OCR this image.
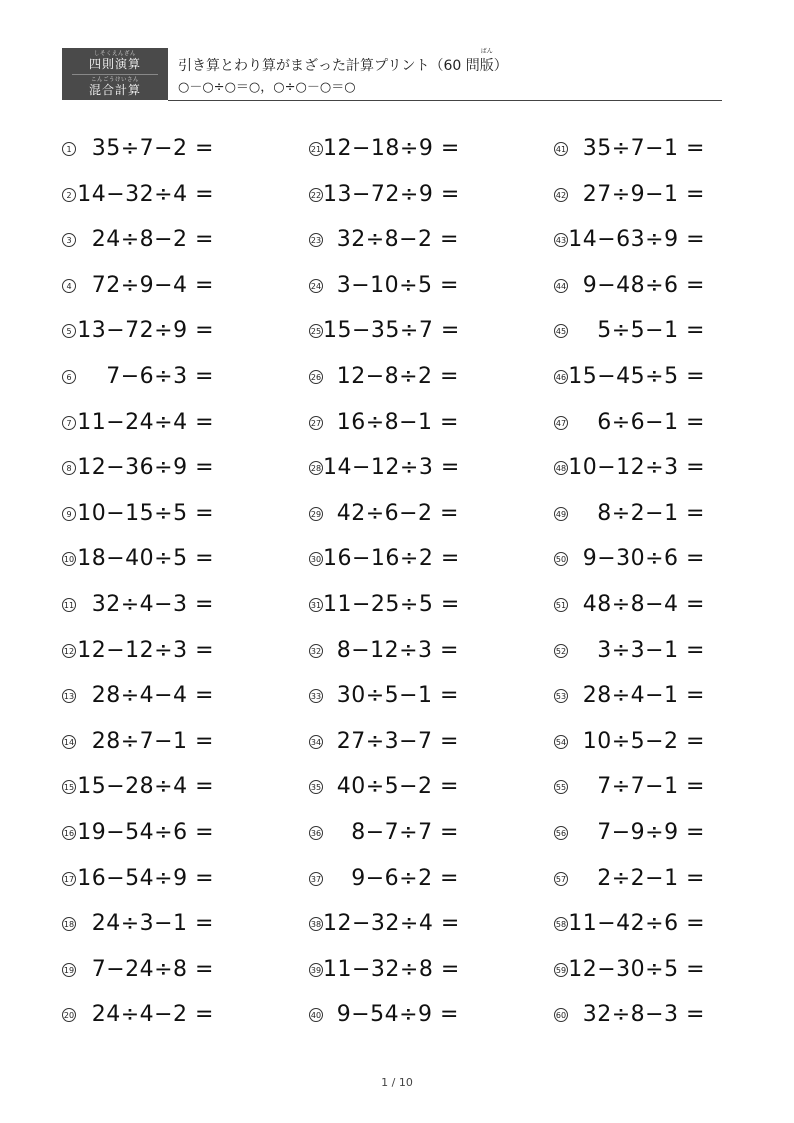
しそくえんざん
四則演算
こんごうけいさん
混合計算
引き算とわり算がまざった計算プリント（60 問
ばん
版）
○－○÷○＝○，○÷○－○＝○
1 35÷7−2 =
2 14−32÷4 =
3 24÷8−2 =
4 72÷9−4 =
5 13−72÷9 =
6	7−6÷3 =
7 11−24÷4 =
8 12−36÷9 =
9 10−15÷5 =
10 18−40÷5 =
11 32÷4−3 =
12 12−12÷3 =
13 28÷4−4 =
14 28÷7−1 =
15 15−28÷4 =
16 19−54÷6 =
17 16−54÷9 =
18 24÷3−1 =
19 7−24÷8 =
20 24÷4−2 =
21 12−18÷9 =
22 13−72÷9 =
23 32÷8−2 =
24 3−10÷5 =
25 15−35÷7 =
26 12−8÷2 =
27 16÷8−1 =
28 14−12÷3 =
29 42÷6−2 =
30 16−16÷2 =
31 11−25÷5 =
32 8−12÷3 =
33 30÷5−1 =
34 27÷3−7 =
35 40÷5−2 =
36	8−7÷7 =
37	9−6÷2 =
38 12−32÷4 =
39 11−32÷8 =
40 9−54÷9 =
41 35÷7−1 =
42 27÷9−1 =
43 14−63÷9 =
44 9−48÷6 =
45	5÷5−1 =
46 15−45÷5 =
47	6÷6−1 =
48 10−12÷3 =
49	8÷2−1 =
50 9−30÷6 =
51 48÷8−4 =
52	3÷3−1 =
53 28÷4−1 =
54 10÷5−2 =
55	7÷7−1 =
56	7−9÷9 =
57	2÷2−1 =
58 11−42÷6 =
59 12−30÷5 =
60 32÷8−3 =
1 / 10
